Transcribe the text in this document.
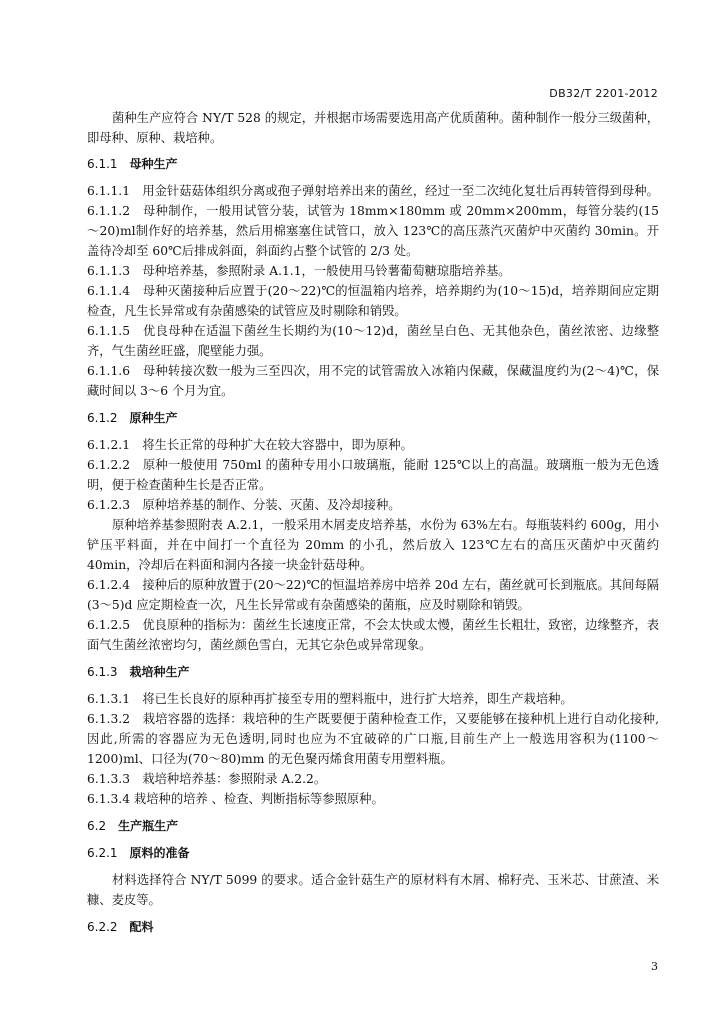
DB32/T 2201-2012

菌种生产应符合 NY/T 528 的规定，并根据市场需要选用高产优质菌种。菌种制作一般分三级菌种，即母种、原种、栽培种。

6.1.1 母种生产

6.1.1.1　用金针菇菇体组织分离或孢子弹射培养出来的菌丝，经过一至二次纯化复壮后再转管得到母种。

6.1.1.2　母种制作，一般用试管分装，试管为 18mm×180mm 或 20mm×200mm，每管分装约(15～20)ml制作好的培养基，然后用棉塞塞住试管口，放入 123℃的高压蒸汽灭菌炉中灭菌约 30min。开盖待冷却至 60℃后排成斜面，斜面约占整个试管的 2/3 处。

6.1.1.3　母种培养基，参照附录 A.1.1，一般使用马铃薯葡萄糖琼脂培养基。

6.1.1.4　母种灭菌接种后应置于(20～22)℃的恒温箱内培养，培养期约为(10～15)d，培养期间应定期检查，凡生长异常或有杂菌感染的试管应及时剔除和销毁。

6.1.1.5　优良母种在适温下菌丝生长期约为(10～12)d，菌丝呈白色、无其他杂色，菌丝浓密、边缘整齐，气生菌丝旺盛，爬壁能力强。

6.1.1.6　母种转接次数一般为三至四次，用不完的试管需放入冰箱内保藏，保藏温度约为(2～4)℃，保藏时间以 3～6 个月为宜。

6.1.2 原种生产

6.1.2.1　将生长正常的母种扩大在较大容器中，即为原种。

6.1.2.2　原种一般使用 750ml 的菌种专用小口玻璃瓶，能耐 125℃以上的高温。玻璃瓶一般为无色透明，便于检查菌种生长是否正常。

6.1.2.3　原种培养基的制作、分装、灭菌、及冷却接种。

原种培养基参照附表 A.2.1，一般采用木屑麦皮培养基，水份为 63%左右。每瓶装料约 600g，用小铲压平料面，并在中间打一个直径为 20mm 的小孔，然后放入 123℃左右的高压灭菌炉中灭菌约 40min，冷却后在料面和洞内各接一块金针菇母种。

6.1.2.4　接种后的原种放置于(20～22)℃的恒温培养房中培养 20d 左右，菌丝就可长到瓶底。其间每隔(3～5)d 应定期检查一次，凡生长异常或有杂菌感染的菌瓶，应及时剔除和销毁。

6.1.2.5　优良原种的指标为：菌丝生长速度正常，不会太快或太慢，菌丝生长粗壮，致密，边缘整齐，表面气生菌丝浓密均匀，菌丝颜色雪白，无其它杂色或异常现象。

6.1.3 栽培种生产

6.1.3.1　将已生长良好的原种再扩接至专用的塑料瓶中，进行扩大培养，即生产栽培种。

6.1.3.2　栽培容器的选择：栽培种的生产既要便于菌种检查工作，又要能够在接种机上进行自动化接种,因此,所需的容器应为无色透明,同时也应为不宜破碎的广口瓶,目前生产上一般选用容积为(1100～1200)ml、口径为(70～80)mm 的无色聚丙烯食用菌专用塑料瓶。

6.1.3.3　栽培种培养基：参照附录 A.2.2。

6.1.3.4 栽培种的培养 、检查、判断指标等参照原种。

6.2 生产瓶生产

6.2.1 原料的准备

材料选择符合 NY/T 5099 的要求。适合金针菇生产的原材料有木屑、棉籽壳、玉米芯、甘蔗渣、米糠、麦皮等。

6.2.2 配料

3
